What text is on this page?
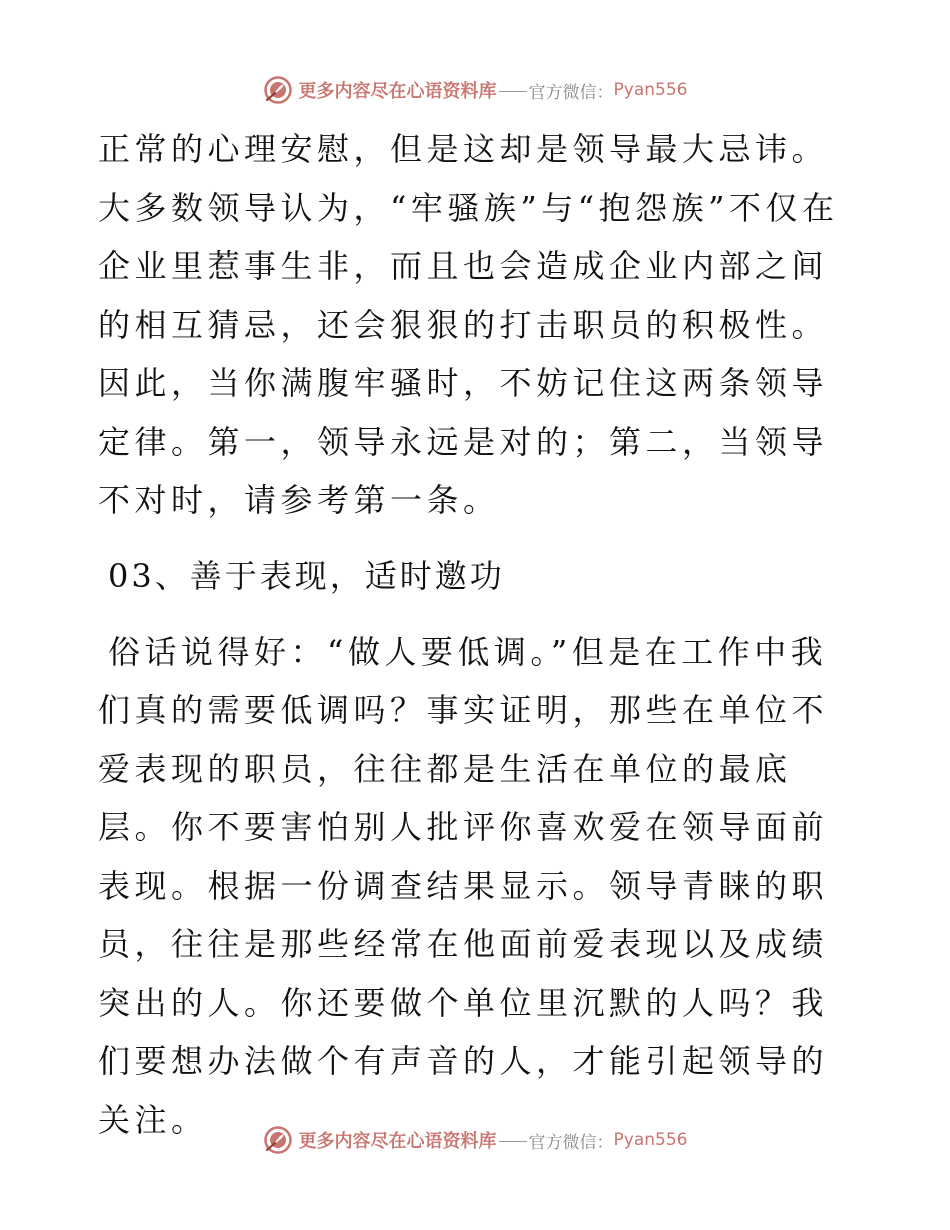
更多内容尽在心语资料库 官方微信： Pyan556

正常的心理安慰，但是这却是领导最大忌讳。大多数领导认为，“牢骚族”与“抱怨族”不仅在企业里惹事生非，而且也会造成企业内部之间的相互猜忌，还会狠狠的打击职员的积极性。因此，当你满腹牢骚时，不妨记住这两条领导定律。第一，领导永远是对的；第二，当领导不对时，请参考第一条。

03、善于表现，适时邀功

俗话说得好：“做人要低调。”但是在工作中我们真的需要低调吗？事实证明，那些在单位不爱表现的职员，往往都是生活在单位的最底层。你不要害怕别人批评你喜欢爱在领导面前表现。根据一份调查结果显示。领导青睐的职员，往往是那些经常在他面前爱表现以及成绩突出的人。你还要做个单位里沉默的人吗？我们要想办法做个有声音的人，才能引起领导的关注。

更多内容尽在心语资料库 官方微信： Pyan556
